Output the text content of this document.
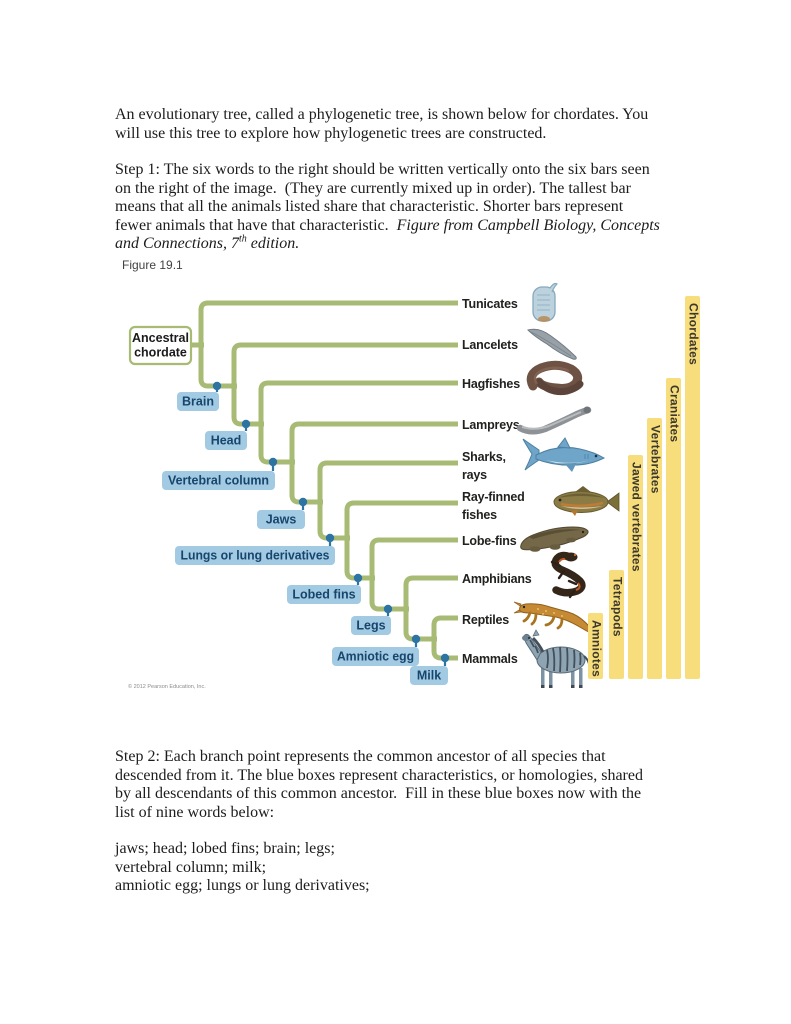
An evolutionary tree, called a phylogenetic tree, is shown below for chordates. You
will use this tree to explore how phylogenetic trees are constructed.

Step 1: The six words to the right should be written vertically onto the six bars seen
on the right of the image.  (They are currently mixed up in order). The tallest bar
means that all the animals listed share that characteristic. Shorter bars represent
fewer animals that have that characteristic.  Figure from Campbell Biology, Concepts
and Connections, 7th edition.

Figure 19.1
Ancestral
chordate
Brain
Head
Vertebral column
Jaws
Lungs or lung derivatives
Lobed fins
Legs
Amniotic egg
Milk
Tunicates
Lancelets
Hagfishes
Lampreys
Sharks,
rays
Ray-finned
fishes
Lobe-fins
Amphibians
Reptiles
Mammals	Amniotes
Tetrapods
Jawed vertebrates
Vertebrates
Craniates
Chordates
© 2012 Pearson Education, Inc.

Step 2: Each branch point represents the common ancestor of all species that
descended from it. The blue boxes represent characteristics, or homologies, shared
by all descendants of this common ancestor.  Fill in these blue boxes now with the
list of nine words below:

jaws; head; lobed fins; brain; legs;
vertebral column; milk;
amniotic egg; lungs or lung derivatives;
